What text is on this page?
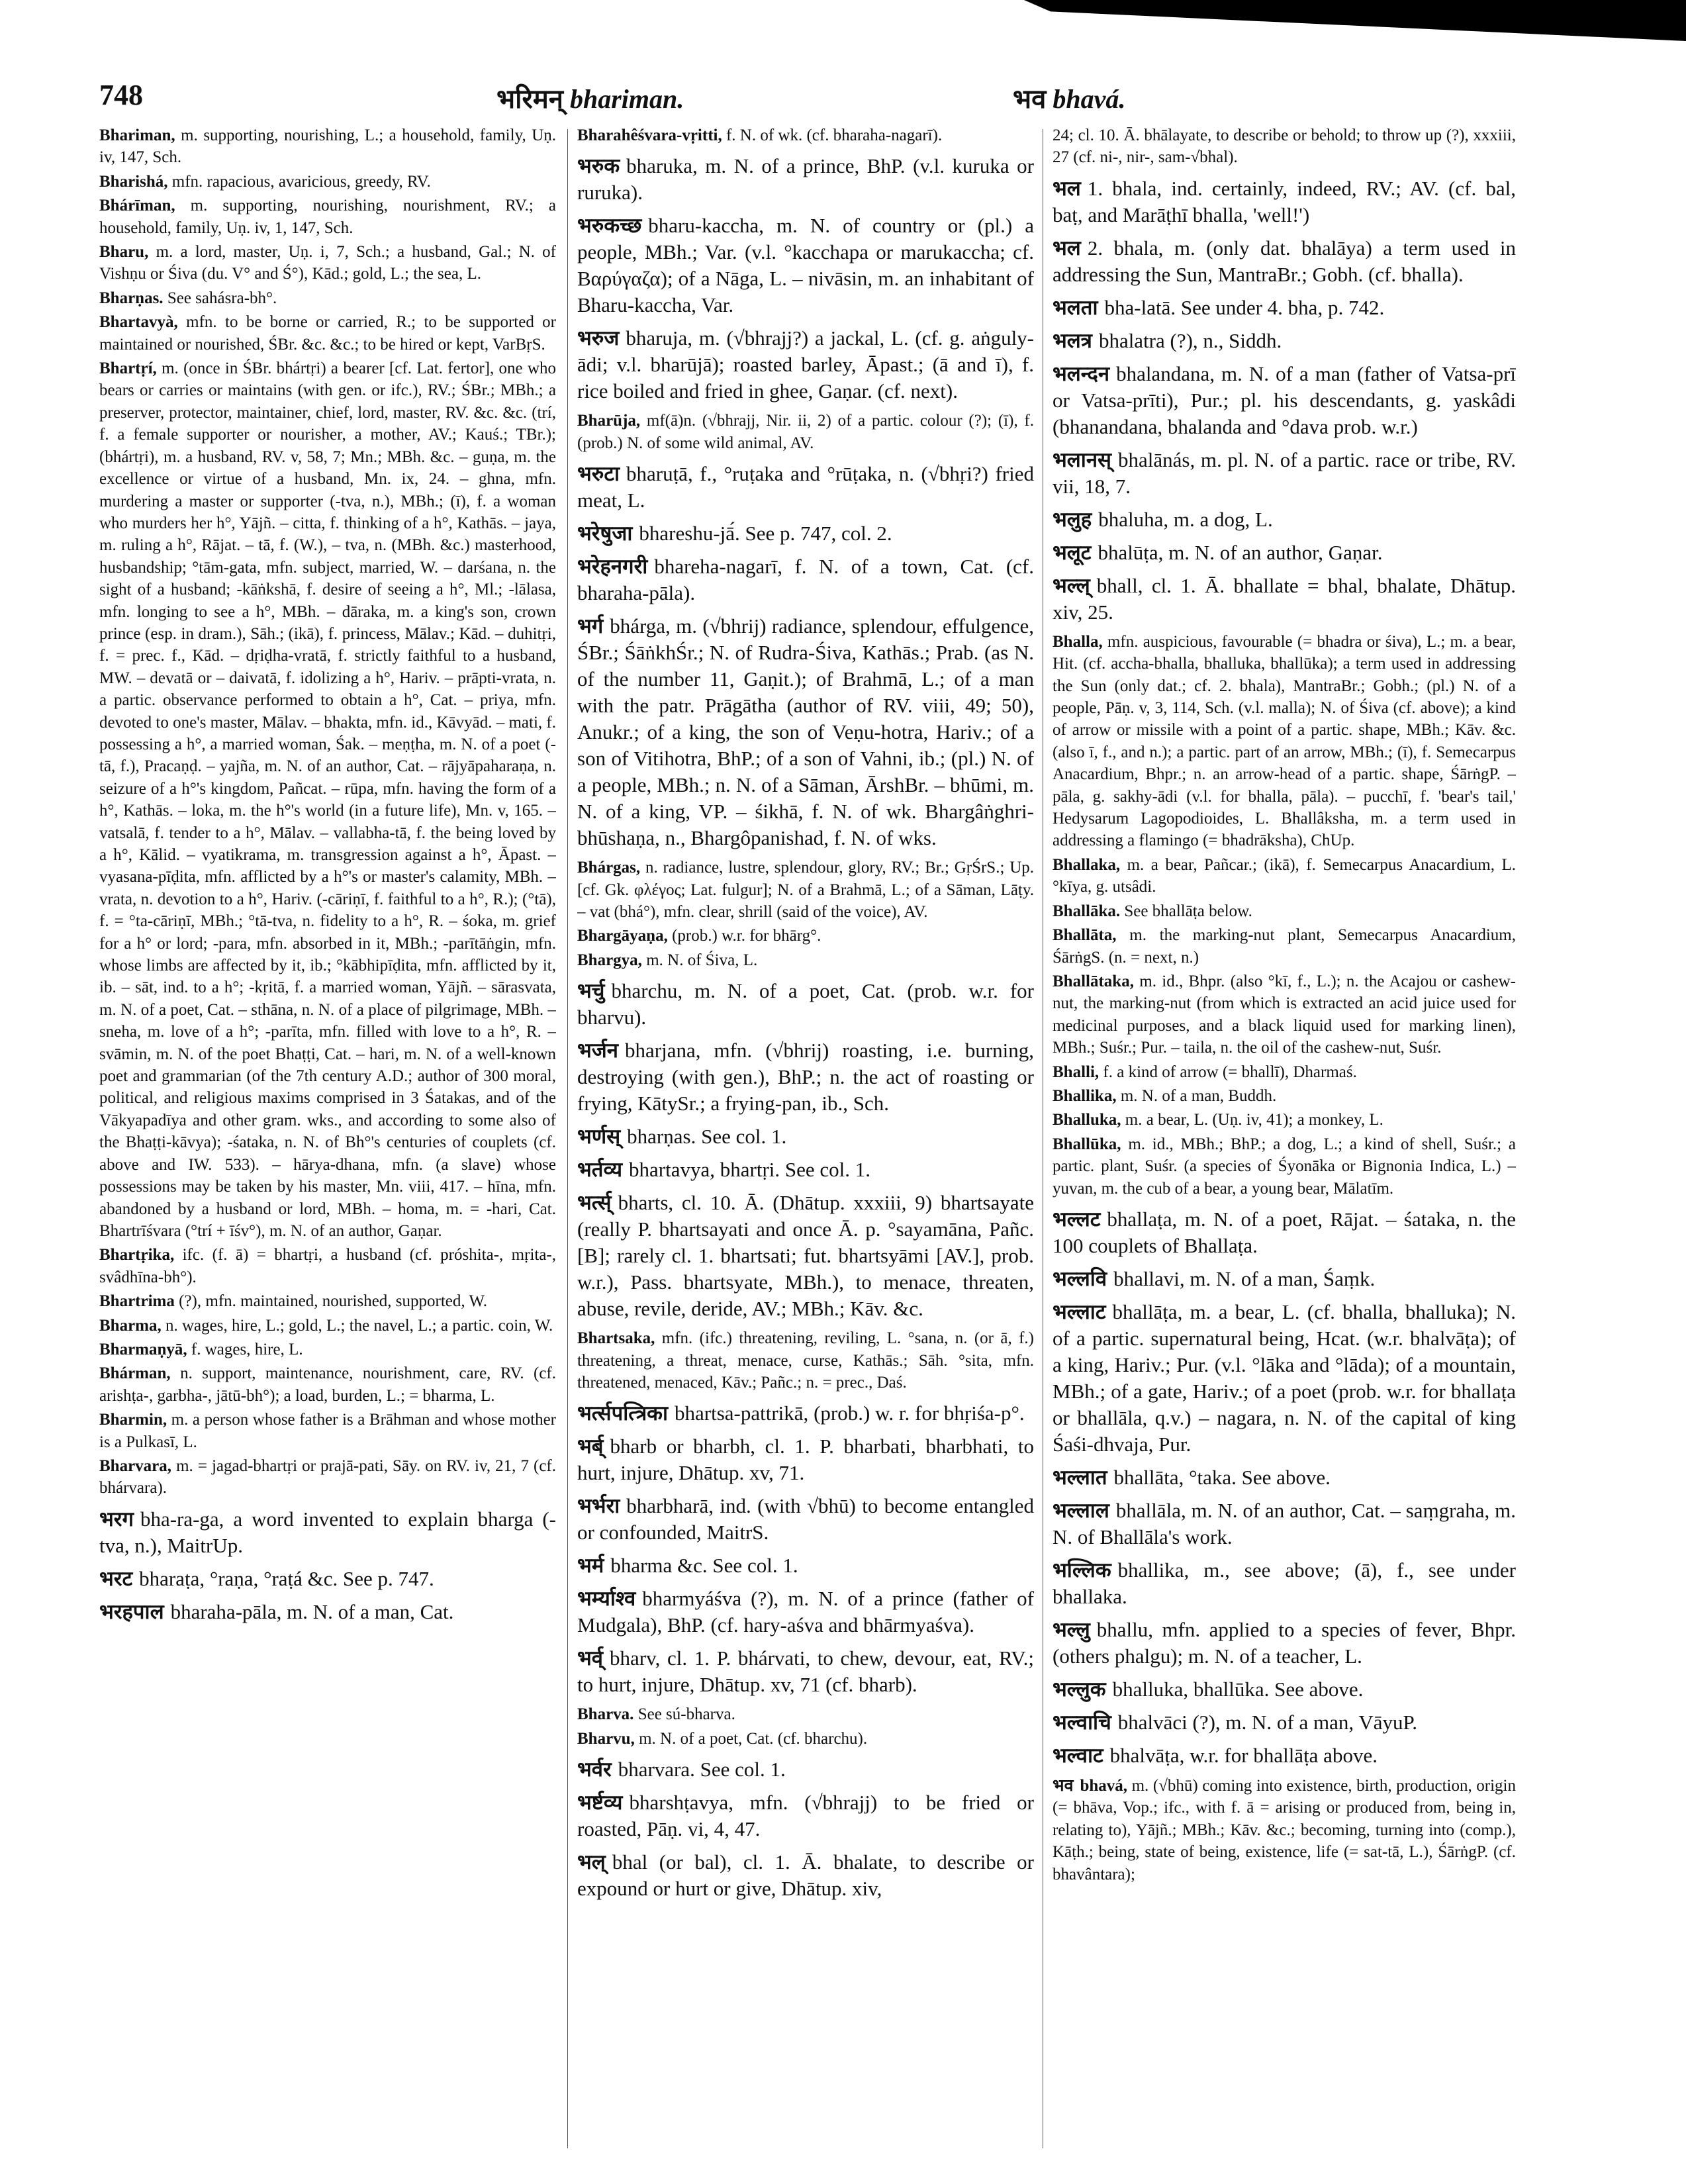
748	भरिमन् bhariman.	भव bhavá.

Bhariman, m. supporting, nourishing, L.; a household, family, Uṇ. iv, 147, Sch.

Bharishá, mfn. rapacious, avaricious, greedy, RV.

Bhárīman, m. supporting, nourishing, nourishment, RV.; a household, family, Uṇ. iv, 1, 147, Sch.

Bharu, m. a lord, master, Uṇ. i, 7, Sch.; a husband, Gal.; N. of Vishṇu or Śiva (du. V° and Ś°), Kād.; gold, L.; the sea, L.

Bharṇas. See sahásra-bh°.

Bhartavyà, mfn. to be borne or carried, R.; to be supported or maintained or nourished, ŚBr. &c. &c.; to be hired or kept, VarBṛS.

Bhartṛí, m. (once in ŚBr. bhártṛi) a bearer [cf. Lat. fertor], one who bears or carries or maintains (with gen. or ifc.), RV.; ŚBr.; MBh.; a preserver, protector, maintainer, chief, lord, master, RV. &c. &c. (trí, f. a female supporter or nourisher, a mother, AV.; Kauś.; TBr.); (bhártṛi), m. a husband, RV. v, 58, 7; Mn.; MBh. &c. – guṇa, m. the excellence or virtue of a husband, Mn. ix, 24. – ghna, mfn. murdering a master or supporter (-tva, n.), MBh.; (ī), f. a woman who murders her h°, Yājñ. – citta, f. thinking of a h°, Kathās. – jaya, m. ruling a h°, Rājat. – tā, f. (W.), – tva, n. (MBh. &c.) masterhood, husbandship; °tām-gata, mfn. subject, married, W. – darśana, n. the sight of a husband; -kāṅkshā, f. desire of seeing a h°, Ml.; -lālasa, mfn. longing to see a h°, MBh. – dāraka, m. a king's son, crown prince (esp. in dram.), Sāh.; (ikā), f. princess, Mālav.; Kād. – duhitṛi, f. = prec. f., Kād. – dṛiḍha-vratā, f. strictly faithful to a husband, MW. – devatā or – daivatā, f. idolizing a h°, Hariv. – prāpti-vrata, n. a partic. observance performed to obtain a h°, Cat. – priya, mfn. devoted to one's master, Mālav. – bhakta, mfn. id., Kāvyād. – mati, f. possessing a h°, a married woman, Śak. – meṇṭha, m. N. of a poet (-tā, f.), Pracaṇḍ. – yajña, m. N. of an author, Cat. – rājyāpaharaṇa, n. seizure of a h°'s kingdom, Pañcat. – rūpa, mfn. having the form of a h°, Kathās. – loka, m. the h°'s world (in a future life), Mn. v, 165. – vatsalā, f. tender to a h°, Mālav. – vallabha-tā, f. the being loved by a h°, Kālid. – vyatikrama, m. transgression against a h°, Āpast. – vyasana-pīḍita, mfn. afflicted by a h°'s or master's calamity, MBh. – vrata, n. devotion to a h°, Hariv. (-cāriṇī, f. faithful to a h°, R.); (°tā), f. = °ta-cāriṇī, MBh.; °tā-tva, n. fidelity to a h°, R. – śoka, m. grief for a h° or lord; -para, mfn. absorbed in it, MBh.; -parītāṅgin, mfn. whose limbs are affected by it, ib.; °kābhipīḍita, mfn. afflicted by it, ib. – sāt, ind. to a h°; -kṛitā, f. a married woman, Yājñ. – sārasvata, m. N. of a poet, Cat. – sthāna, n. N. of a place of pilgrimage, MBh. – sneha, m. love of a h°; -parīta, mfn. filled with love to a h°, R. – svāmin, m. N. of the poet Bhaṭṭi, Cat. – hari, m. N. of a well-known poet and grammarian (of the 7th century A.D.; author of 300 moral, political, and religious maxims comprised in 3 Śatakas, and of the Vākyapadīya and other gram. wks., and according to some also of the Bhaṭṭi-kāvya); -śataka, n. N. of Bh°'s centuries of couplets (cf. above and IW. 533). – hārya-dhana, mfn. (a slave) whose possessions may be taken by his master, Mn. viii, 417. – hīna, mfn. abandoned by a husband or lord, MBh. – homa, m. = -hari, Cat. Bhartrīśvara (°trí + īśv°), m. N. of an author, Gaṇar.

Bhartṛika, ifc. (f. ā) = bhartṛi, a husband (cf. próshita-, mṛita-, svâdhīna-bh°).

Bhartrima (?), mfn. maintained, nourished, supported, W.

Bharma, n. wages, hire, L.; gold, L.; the navel, L.; a partic. coin, W.

Bharmaṇyā, f. wages, hire, L.

Bhárman, n. support, maintenance, nourishment, care, RV. (cf. arishṭa-, garbha-, jātū-bh°); a load, burden, L.; = bharma, L.

Bharmin, m. a person whose father is a Brāhman and whose mother is a Pulkasī, L.

Bharvara, m. = jagad-bhartṛi or prajā-pati, Sāy. on RV. iv, 21, 7 (cf. bhárvara).

भरग bha-ra-ga, a word invented to explain bharga (-tva, n.), MaitrUp.

भरट bharaṭa, °raṇa, °raṭá &c. See p. 747.

भरहपाल bharaha-pāla, m. N. of a man, Cat.

Bharahêśvara-vṛitti, f. N. of wk. (cf. bharaha-nagarī).

भरुक bharuka, m. N. of a prince, BhP. (v.l. kuruka or ruruka).

भरुकच्छ bharu-kaccha, m. N. of country or (pl.) a people, MBh.; Var. (v.l. °kacchapa or marukaccha; cf. Βαρύγαζα); of a Nāga, L. – nivāsin, m. an inhabitant of Bharu-kaccha, Var.

भरुज bharuja, m. (√bhrajj?) a jackal, L. (cf. g. aṅguly-ādi; v.l. bharūjā); roasted barley, Āpast.; (ā and ī), f. rice boiled and fried in ghee, Gaṇar. (cf. next).

Bharūja, mf(ā)n. (√bhrajj, Nir. ii, 2) of a partic. colour (?); (ī), f. (prob.) N. of some wild animal, AV.

भरुटा bharuṭā, f., °ruṭaka and °rūṭaka, n. (√bhṛi?) fried meat, L.

भरेषुजा bhareshu-jā́. See p. 747, col. 2.

भरेहनगरी bhareha-nagarī, f. N. of a town, Cat. (cf. bharaha-pāla).

भर्ग bhárga, m. (√bhrij) radiance, splendour, effulgence, ŚBr.; ŚāṅkhŚr.; N. of Rudra-Śiva, Kathās.; Prab. (as N. of the number 11, Gaṇit.); of Brahmā, L.; of a man with the patr. Prāgātha (author of RV. viii, 49; 50), Anukr.; of a king, the son of Veṇu-hotra, Hariv.; of a son of Vitihotra, BhP.; of a son of Vahni, ib.; (pl.) N. of a people, MBh.; n. N. of a Sāman, ĀrshBr. – bhūmi, m. N. of a king, VP. – śikhā, f. N. of wk. Bhargâṅghri-bhūshaṇa, n., Bhargôpanishad, f. N. of wks.

Bhárgas, n. radiance, lustre, splendour, glory, RV.; Br.; GṛŚrS.; Up. [cf. Gk. φλέγος; Lat. fulgur]; N. of a Brahmā, L.; of a Sāman, Lāṭy. – vat (bhá°), mfn. clear, shrill (said of the voice), AV.

Bhargāyaṇa, (prob.) w.r. for bhārg°.

Bhargya, m. N. of Śiva, L.

भर्चु bharchu, m. N. of a poet, Cat. (prob. w.r. for bharvu).

भर्जन bharjana, mfn. (√bhrij) roasting, i.e. burning, destroying (with gen.), BhP.; n. the act of roasting or frying, KātySr.; a frying-pan, ib., Sch.

भर्णस् bharṇas. See col. 1.

भर्तव्य bhartavya, bhartṛi. See col. 1.

भर्त्स् bharts, cl. 10. Ā. (Dhātup. xxxiii, 9) bhartsayate (really P. bhartsayati and once Ā. p. °sayamāna, Pañc. [B]; rarely cl. 1. bhartsati; fut. bhartsyāmi [AV.], prob. w.r.), Pass. bhartsyate, MBh.), to menace, threaten, abuse, revile, deride, AV.; MBh.; Kāv. &c.

Bhartsaka, mfn. (ifc.) threatening, reviling, L. °sana, n. (or ā, f.) threatening, a threat, menace, curse, Kathās.; Sāh. °sita, mfn. threatened, menaced, Kāv.; Pañc.; n. = prec., Daś.

भर्त्सपत्त्रिका bhartsa-pattrikā, (prob.) w. r. for bhṛiśa-p°.

भर्ब् bharb or bharbh, cl. 1. P. bharbati, bharbhati, to hurt, injure, Dhātup. xv, 71.

भर्भरा bharbharā, ind. (with √bhū) to become entangled or confounded, MaitrS.

भर्म bharma &c. See col. 1.

भर्म्याश्व bharmyáśva (?), m. N. of a prince (father of Mudgala), BhP. (cf. hary-aśva and bhārmyaśva).

भर्व् bharv, cl. 1. P. bhárvati, to chew, devour, eat, RV.; to hurt, injure, Dhātup. xv, 71 (cf. bharb).

Bharva. See sú-bharva.

Bharvu, m. N. of a poet, Cat. (cf. bharchu).

भर्वर bharvara. See col. 1.

भर्ष्टव्य bharshṭavya, mfn. (√bhrajj) to be fried or roasted, Pāṇ. vi, 4, 47.

भल् bhal (or bal), cl. 1. Ā. bhalate, to describe or expound or hurt or give, Dhātup. xiv,

24; cl. 10. Ā. bhālayate, to describe or behold; to throw up (?), xxxiii, 27 (cf. ni-, nir-, sam-√bhal).

भल 1. bhala, ind. certainly, indeed, RV.; AV. (cf. bal, baṭ, and Marāṭhī bhalla, 'well!')

भल 2. bhala, m. (only dat. bhalāya) a term used in addressing the Sun, MantraBr.; Gobh. (cf. bhalla).

भलता bha-latā. See under 4. bha, p. 742.

भलत्र bhalatra (?), n., Siddh.

भलन्दन bhalandana, m. N. of a man (father of Vatsa-prī or Vatsa-prīti), Pur.; pl. his descendants, g. yaskâdi (bhanandana, bhalanda and °dava prob. w.r.)

भलानस् bhalānás, m. pl. N. of a partic. race or tribe, RV. vii, 18, 7.

भलुह bhaluha, m. a dog, L.

भलूट bhalūṭa, m. N. of an author, Gaṇar.

भल्ल् bhall, cl. 1. Ā. bhallate = bhal, bhalate, Dhātup. xiv, 25.

Bhalla, mfn. auspicious, favourable (= bhadra or śiva), L.; m. a bear, Hit. (cf. accha-bhalla, bhalluka, bhallūka); a term used in addressing the Sun (only dat.; cf. 2. bhala), MantraBr.; Gobh.; (pl.) N. of a people, Pāṇ. v, 3, 114, Sch. (v.l. malla); N. of Śiva (cf. above); a kind of arrow or missile with a point of a partic. shape, MBh.; Kāv. &c. (also ī, f., and n.); a partic. part of an arrow, MBh.; (ī), f. Semecarpus Anacardium, Bhpr.; n. an arrow-head of a partic. shape, ŚārṅgP. – pāla, g. sakhy-ādi (v.l. for bhalla, pāla). – pucchī, f. 'bear's tail,' Hedysarum Lagopodioides, L. Bhallâksha, m. a term used in addressing a flamingo (= bhadrāksha), ChUp.

Bhallaka, m. a bear, Pañcar.; (ikā), f. Semecarpus Anacardium, L. °kīya, g. utsâdi.

Bhallāka. See bhallāṭa below.

Bhallāta, m. the marking-nut plant, Semecarpus Anacardium, ŚārṅgS. (n. = next, n.)

Bhallātaka, m. id., Bhpr. (also °kī, f., L.); n. the Acajou or cashew-nut, the marking-nut (from which is extracted an acid juice used for medicinal purposes, and a black liquid used for marking linen), MBh.; Suśr.; Pur. – taila, n. the oil of the cashew-nut, Suśr.

Bhalli, f. a kind of arrow (= bhallī), Dharmaś.

Bhallika, m. N. of a man, Buddh.

Bhalluka, m. a bear, L. (Uṇ. iv, 41); a monkey, L.

Bhallūka, m. id., MBh.; BhP.; a dog, L.; a kind of shell, Suśr.; a partic. plant, Suśr. (a species of Śyonāka or Bignonia Indica, L.) – yuvan, m. the cub of a bear, a young bear, Mālatīm.

भल्लट bhallaṭa, m. N. of a poet, Rājat. – śataka, n. the 100 couplets of Bhallaṭa.

भल्लवि bhallavi, m. N. of a man, Śaṃk.

भल्लाट bhallāṭa, m. a bear, L. (cf. bhalla, bhalluka); N. of a partic. supernatural being, Hcat. (w.r. bhalvāṭa); of a king, Hariv.; Pur. (v.l. °lāka and °lāda); of a mountain, MBh.; of a gate, Hariv.; of a poet (prob. w.r. for bhallaṭa or bhallāla, q.v.) – nagara, n. N. of the capital of king Śaśi-dhvaja, Pur.

भल्लात bhallāta, °taka. See above.

भल्लाल bhallāla, m. N. of an author, Cat. – saṃgraha, m. N. of Bhallāla's work.

भल्लिक bhallika, m., see above; (ā), f., see under bhallaka.

भल्लु bhallu, mfn. applied to a species of fever, Bhpr. (others phalgu); m. N. of a teacher, L.

भल्लुक bhalluka, bhallūka. See above.

भल्वाचि bhalvāci (?), m. N. of a man, VāyuP.

भल्वाट bhalvāṭa, w.r. for bhallāṭa above.

भव bhavá, m. (√bhū) coming into existence, birth, production, origin (= bhāva, Vop.; ifc., with f. ā = arising or produced from, being in, relating to), Yājñ.; MBh.; Kāv. &c.; becoming, turning into (comp.), Kāṭh.; being, state of being, existence, life (= sat-tā, L.), ŚārṅgP. (cf. bhavântara);
